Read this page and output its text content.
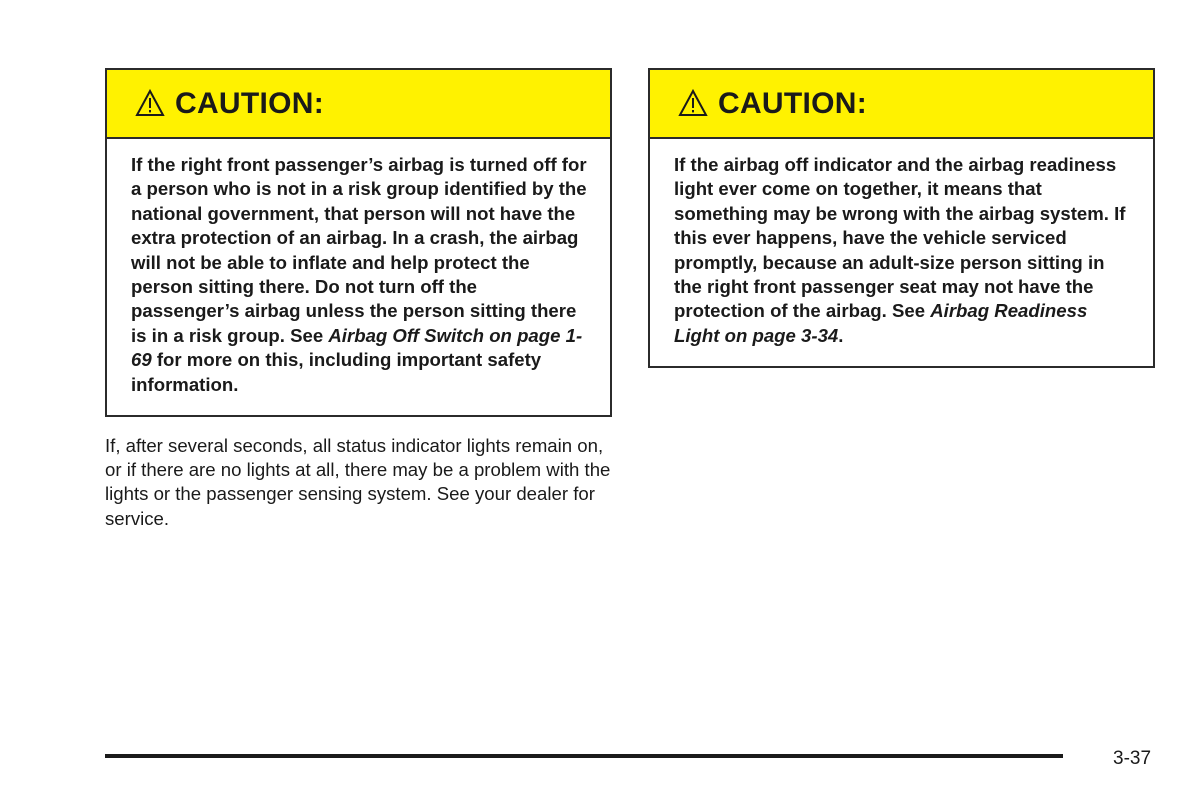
CAUTION:
If the right front passenger’s airbag is turned off for a person who is not in a risk group identified by the national government, that person will not have the extra protection of an airbag. In a crash, the airbag will not be able to inflate and help protect the person sitting there. Do not turn off the passenger’s airbag unless the person sitting there is in a risk group. See Airbag Off Switch on page 1-69 for more on this, including important safety information.
CAUTION:
If the airbag off indicator and the airbag readiness light ever come on together, it means that something may be wrong with the airbag system. If this ever happens, have the vehicle serviced promptly, because an adult-size person sitting in the right front passenger seat may not have the protection of the airbag. See Airbag Readiness Light on page 3-34.

If, after several seconds, all status indicator lights remain on, or if there are no lights at all, there may be a problem with the lights or the passenger sensing system. See your dealer for service.

3-37
